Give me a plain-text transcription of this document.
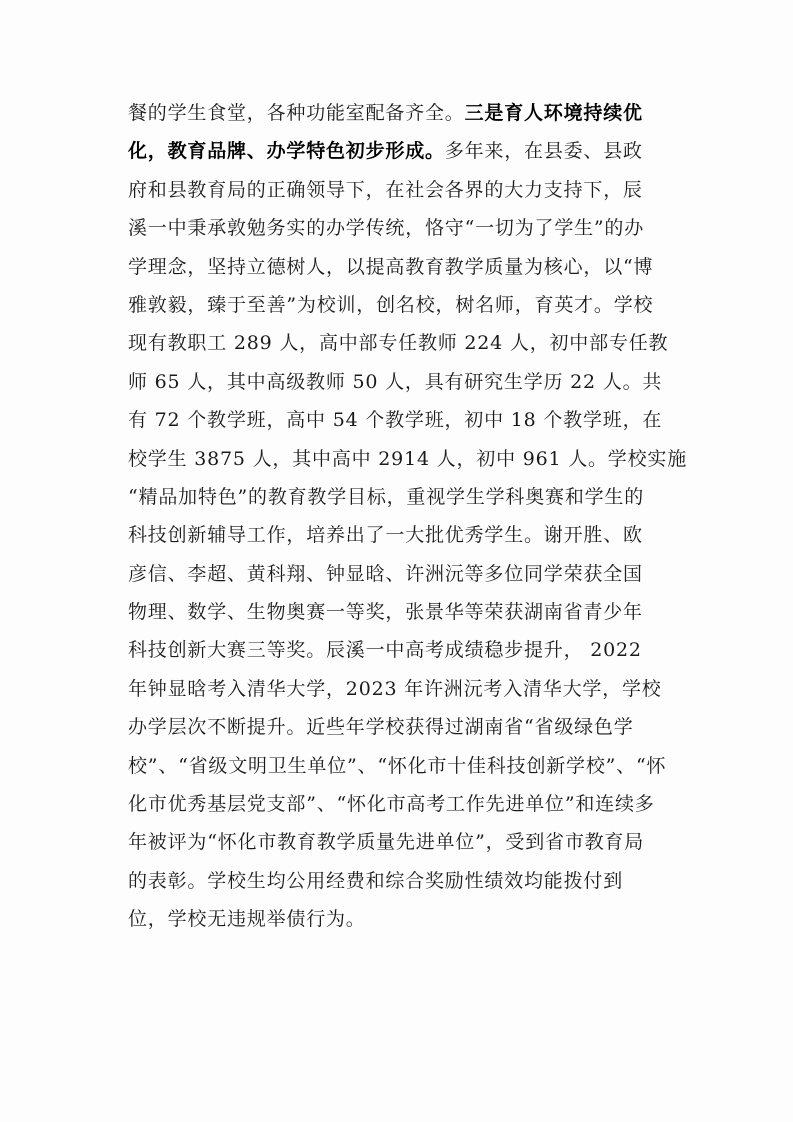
餐的学生食堂，各种功能室配备齐全。三是育人环境持续优
化，教育品牌、办学特色初步形成。多年来，在县委、县政
府和县教育局的正确领导下，在社会各界的大力支持下，辰
溪一中秉承敦勉务实的办学传统，恪守“一切为了学生”的办
学理念，坚持立德树人，以提高教育教学质量为核心，以“博
雅敦毅，臻于至善”为校训，创名校，树名师，育英才。学校
现有教职工 289 人，高中部专任教师 224 人，初中部专任教
师 65 人，其中高级教师 50 人，具有研究生学历 22 人。共
有 72 个教学班，高中 54 个教学班，初中 18 个教学班，在
校学生 3875 人，其中高中 2914 人，初中 961 人。学校实施
“精品加特色”的教育教学目标，重视学生学科奥赛和学生的
科技创新辅导工作，培养出了一大批优秀学生。谢开胜、欧
彦信、李超、黄科翔、钟显晗、许洲沅等多位同学荣获全国
物理、数学、生物奥赛一等奖，张景华等荣获湖南省青少年
科技创新大赛三等奖。辰溪一中高考成绩稳步提升， 2022
年钟显晗考入清华大学，2023 年许洲沅考入清华大学，学校
办学层次不断提升。近些年学校获得过湖南省“省级绿色学
校”、“省级文明卫生单位”、“怀化市十佳科技创新学校”、“怀
化市优秀基层党支部”、“怀化市高考工作先进单位”和连续多
年被评为“怀化市教育教学质量先进单位”，受到省市教育局
的表彰。学校生均公用经费和综合奖励性绩效均能拨付到
位，学校无违规举债行为。
